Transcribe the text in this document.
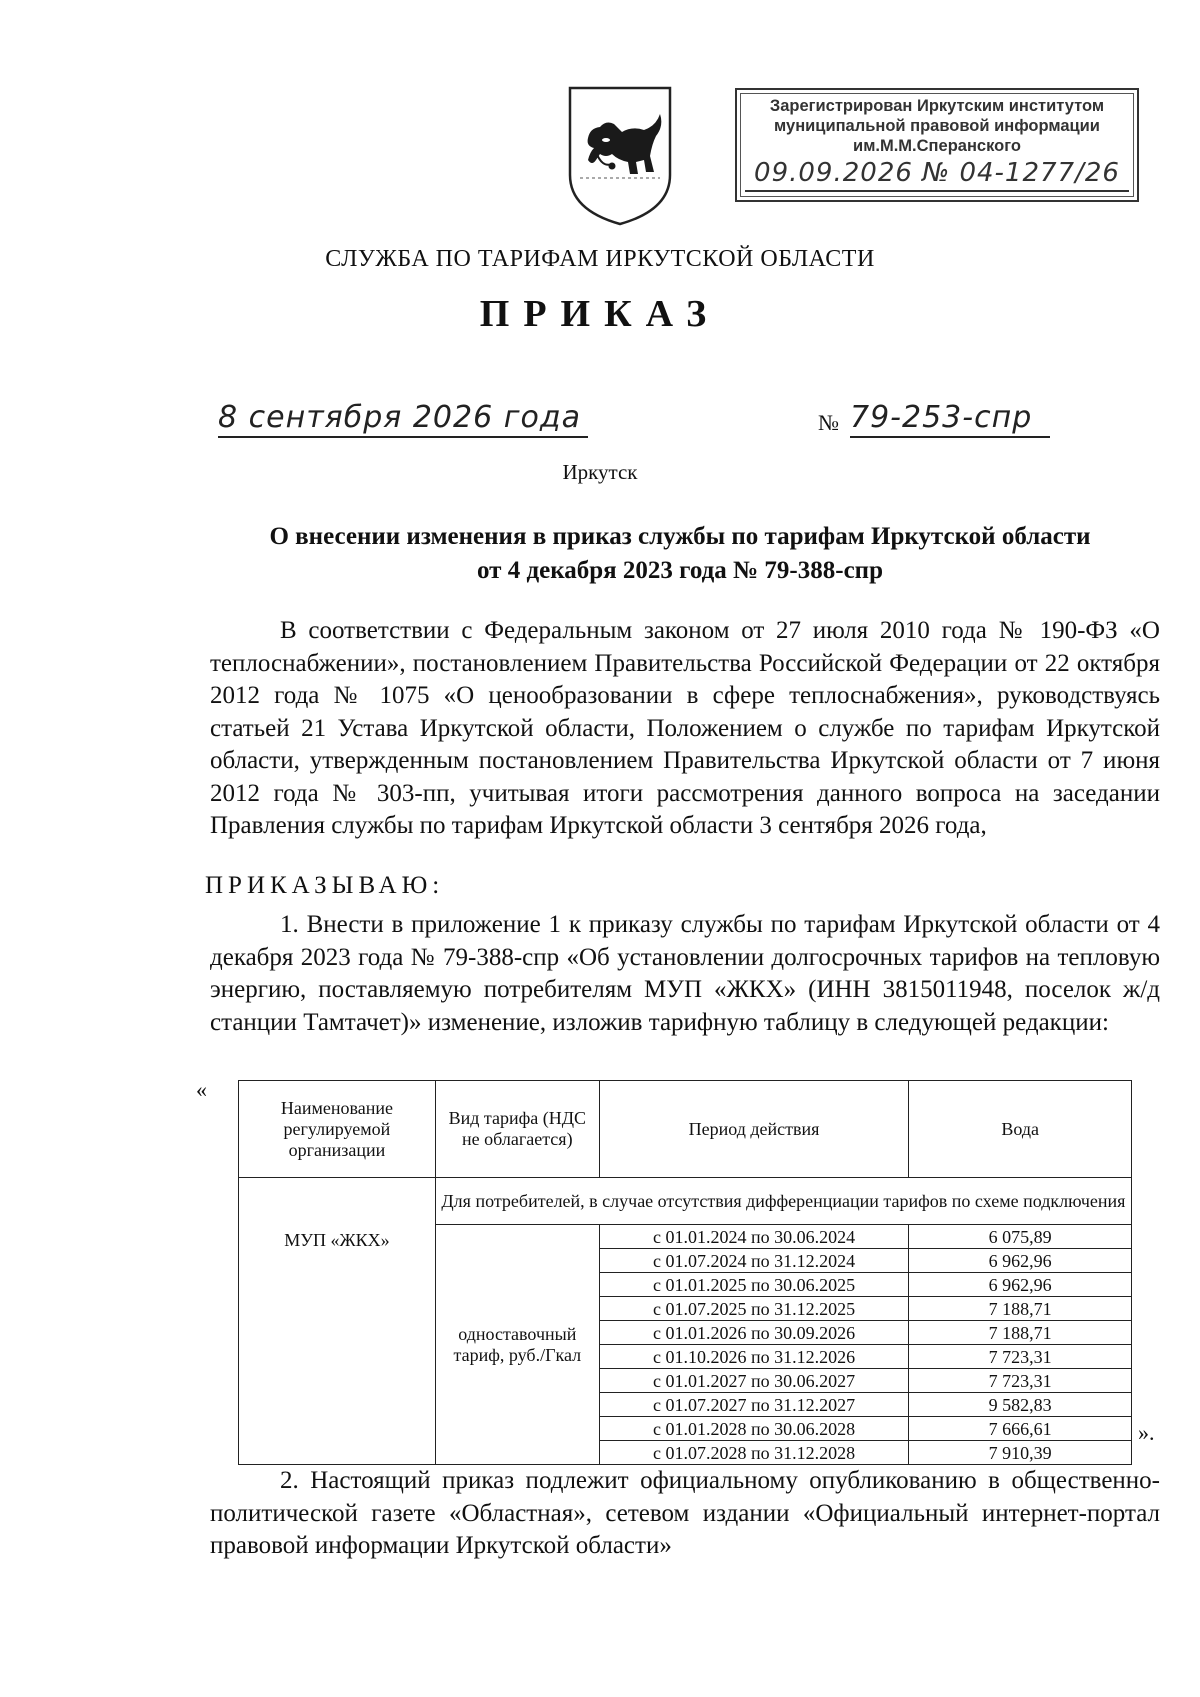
Зарегистрирован Иркутским институтом
муниципальной правовой информации
им.М.М.Сперанского
09.09.2026 № 04-1277/26
СЛУЖБА ПО ТАРИФАМ ИРКУТСКОЙ ОБЛАСТИ
ПРИКАЗ
8 сентября 2026 года	№ 79-253-спр
Иркутск
О внесении изменения в приказ службы по тарифам Иркутской области
от 4 декабря 2023 года № 79-388-спр
В соответствии с Федеральным законом от 27 июля 2010 года № 190-ФЗ «О теплоснабжении», постановлением Правительства Российской Федерации от 22 октября 2012 года № 1075 «О ценообразовании в сфере теплоснабжения», руководствуясь статьей 21 Устава Иркутской области, Положением о службе по тарифам Иркутской области, утвержденным постановлением Правительства Иркутской области от 7 июня 2012 года № 303-пп, учитывая итоги рассмотрения данного вопроса на заседании Правления службы по тарифам Иркутской области 3 сентября 2026 года,
ПРИКАЗЫВАЮ:
1. Внести в приложение 1 к приказу службы по тарифам Иркутской области от 4 декабря 2023 года № 79-388-спр «Об установлении долгосрочных тарифов на тепловую энергию, поставляемую потребителям МУП «ЖКХ» (ИНН 3815011948, поселок ж/д станции Тамтачет)» изменение, изложив тарифную таблицу в следующей редакции:
«
Наименование регулируемой организации	Вид тарифа (НДС не облагается)	Период действия	Вода
МУП «ЖКХ»	Для потребителей, в случае отсутствия дифференциации тарифов по схеме подключения		
	одноставочный тариф, руб./Гкал	с 01.01.2024 по 30.06.2024	6 075,89
		с 01.07.2024 по 31.12.2024	6 962,96
		с 01.01.2025 по 30.06.2025	6 962,96
		с 01.07.2025 по 31.12.2025	7 188,71
		с 01.01.2026 по 30.09.2026	7 188,71
		с 01.10.2026 по 31.12.2026	7 723,31
		с 01.01.2027 по 30.06.2027	7 723,31
		с 01.07.2027 по 31.12.2027	9 582,83
		с 01.01.2028 по 30.06.2028	7 666,61
		с 01.07.2028 по 31.12.2028	7 910,39
».
2. Настоящий приказ подлежит официальному опубликованию в общественно-политической газете «Областная», сетевом издании «Официальный интернет-портал правовой информации Иркутской области»
